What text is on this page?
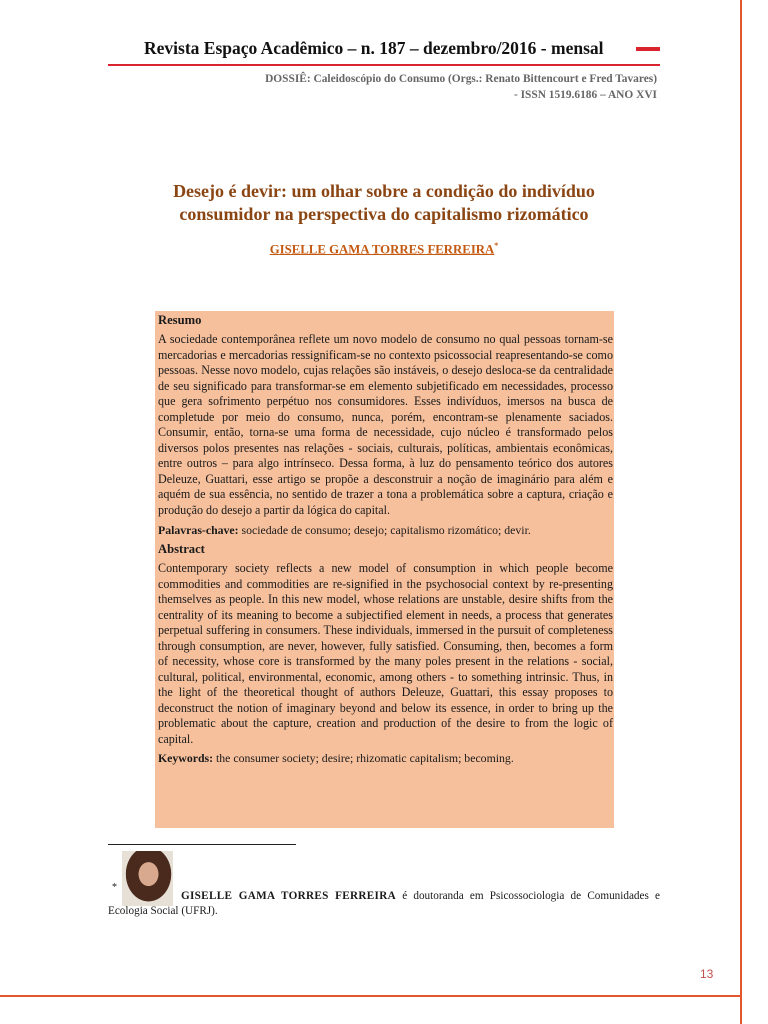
Revista Espaço Acadêmico – n. 187 – dezembro/2016 - mensal
DOSSIÊ: Caleidoscópio do Consumo (Orgs.: Renato Bittencourt e Fred Tavares)
- ISSN 1519.6186 – ANO XVI
Desejo é devir: um olhar sobre a condição do indivíduo
consumidor na perspectiva do capitalismo rizomático
GISELLE GAMA TORRES FERREIRA*
Resumo

A sociedade contemporânea reflete um novo modelo de consumo no qual pessoas tornam-se mercadorias e mercadorias ressignificam-se no contexto psicossocial reapresentando-se como pessoas. Nesse novo modelo, cujas relações são instáveis, o desejo desloca-se da centralidade de seu significado para transformar-se em elemento subjetificado em necessidades, processo que gera sofrimento perpétuo nos consumidores. Esses indivíduos, imersos na busca de completude por meio do consumo, nunca, porém, encontram-se plenamente saciados. Consumir, então, torna-se uma forma de necessidade, cujo núcleo é transformado pelos diversos polos presentes nas relações - sociais, culturais, políticas, ambientais econômicas, entre outros – para algo intrínseco. Dessa forma, à luz do pensamento teórico dos autores Deleuze, Guattari, esse artigo se propõe a desconstruir a noção de imaginário para além e aquém de sua essência, no sentido de trazer a tona a problemática sobre a captura, criação e produção do desejo a partir da lógica do capital.

Palavras-chave: sociedade de consumo; desejo; capitalismo rizomático; devir.

Abstract

Contemporary society reflects a new model of consumption in which people become commodities and commodities are re-signified in the psychosocial context by re-presenting themselves as people. In this new model, whose relations are unstable, desire shifts from the centrality of its meaning to become a subjectified element in needs, a process that generates perpetual suffering in consumers. These individuals, immersed in the pursuit of completeness through consumption, are never, however, fully satisfied. Consuming, then, becomes a form of necessity, whose core is transformed by the many poles present in the relations - social, cultural, political, environmental, economic, among others - to something intrinsic. Thus, in the light of the theoretical thought of authors Deleuze, Guattari, this essay proposes to deconstruct the notion of imaginary beyond and below its essence, in order to bring up the problematic about the capture, creation and production of the desire to from the logic of capital.

Keywords: the consumer society; desire; rhizomatic capitalism; becoming.

*
GISELLE GAMA TORRES FERREIRA é doutoranda em Psicossociologia de Comunidades e Ecologia Social (UFRJ).
13
